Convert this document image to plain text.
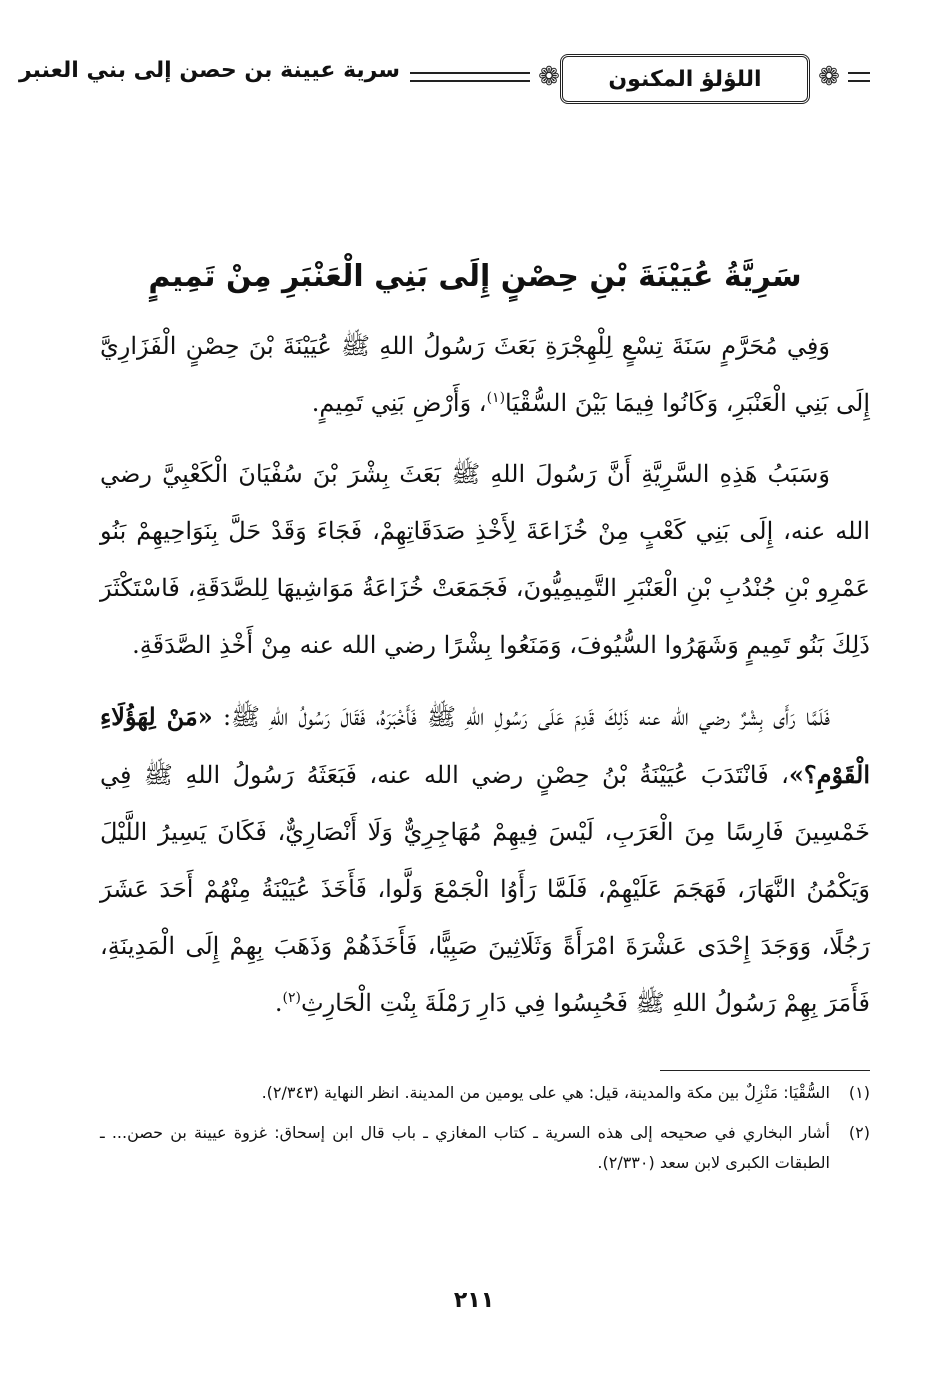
❁
اللؤلؤ المكنون
❁
سرية عيينة بن حصن إلى بني العنبر
سَرِيَّةُ عُيَيْنَةَ بْنِ حِصْنٍ إِلَى بَنِي الْعَنْبَرِ مِنْ تَمِيمٍ

وَفِي مُحَرَّمٍ سَنَةَ تِسْعٍ لِلْهِجْرَةِ بَعَثَ رَسُولُ اللهِ ﷺ عُيَيْنَةَ بْنَ حِصْنٍ الْفَزَارِيَّ إِلَى بَنِي الْعَنْبَرِ، وَكَانُوا فِيمَا بَيْنَ السُّقْيَا$^{(١)}$، وَأَرْضِ بَنِي تَمِيمٍ.

وَسَبَبُ هَذِهِ السَّرِيَّةِ أَنَّ رَسُولَ اللهِ ﷺ بَعَثَ بِشْرَ بْنَ سُفْيَانَ الْكَعْبِيَّ رضي الله عنه، إِلَى بَنِي كَعْبٍ مِنْ خُزَاعَةَ لِأَخْذِ صَدَقَاتِهِمْ، فَجَاءَ وَقَدْ حَلَّ بِنَوَاحِيهِمْ بَنُو عَمْرِو بْنِ جُنْدُبِ بْنِ الْعَنْبَرِ التَّمِيمِيُّونَ، فَجَمَعَتْ خُزَاعَةُ مَوَاشِيهَا لِلصَّدَقَةِ، فَاسْتَكْثَرَ ذَلِكَ بَنُو تَمِيمٍ وَشَهَرُوا السُّيُوفَ، وَمَنَعُوا بِشْرًا رضي الله عنه مِنْ أَخْذِ الصَّدَقَةِ.

فَلَمَّا رَأَى بِشْرٌ رضي الله عنه ذَلِكَ قَدِمَ عَلَى رَسُولِ اللهِ ﷺ فَأَخْبَرَهُ، فَقَالَ رَسُولُ اللهِ ﷺ: «مَنْ لِهَؤُلَاءِ الْقَوْمِ؟»، فَانْتَدَبَ عُيَيْنَةُ بْنُ حِصْنٍ رضي الله عنه، فَبَعَثَهُ رَسُولُ اللهِ ﷺ فِي خَمْسِينَ فَارِسًا مِنَ الْعَرَبِ، لَيْسَ فِيهِمْ مُهَاجِرِيٌّ وَلَا أَنْصَارِيٌّ، فَكَانَ يَسِيرُ اللَّيْلَ وَيَكْمُنُ النَّهَارَ، فَهَجَمَ عَلَيْهِمْ، فَلَمَّا رَأَوُا الْجَمْعَ وَلَّوا، فَأَخَذَ عُيَيْنَةُ مِنْهُمْ أَحَدَ عَشَرَ رَجُلًا، وَوَجَدَ إِحْدَى عَشْرَةَ امْرَأَةً وَثَلَاثِينَ صَبِيًّا، فَأَخَذَهُمْ وَذَهَبَ بِهِمْ إِلَى الْمَدِينَةِ، فَأَمَرَ بِهِمْ رَسُولُ اللهِ ﷺ فَحُبِسُوا فِي دَارِ رَمْلَةَ بِنْتِ الْحَارِثِ$^{(٢)}$.

(١)
السُّقْيَا: مَنْزِلٌ بين مكة والمدينة، قيل: هي على يومين من المدينة. انظر النهاية (٢/٣٤٣).
(٢)
أشار البخاري في صحيحه إلى هذه السرية ـ كتاب المغازي ـ باب قال ابن إسحاق: غزوة عيينة بن حصن... ـ الطبقات الكبرى لابن سعد (٢/٣٣٠).
٢١١
